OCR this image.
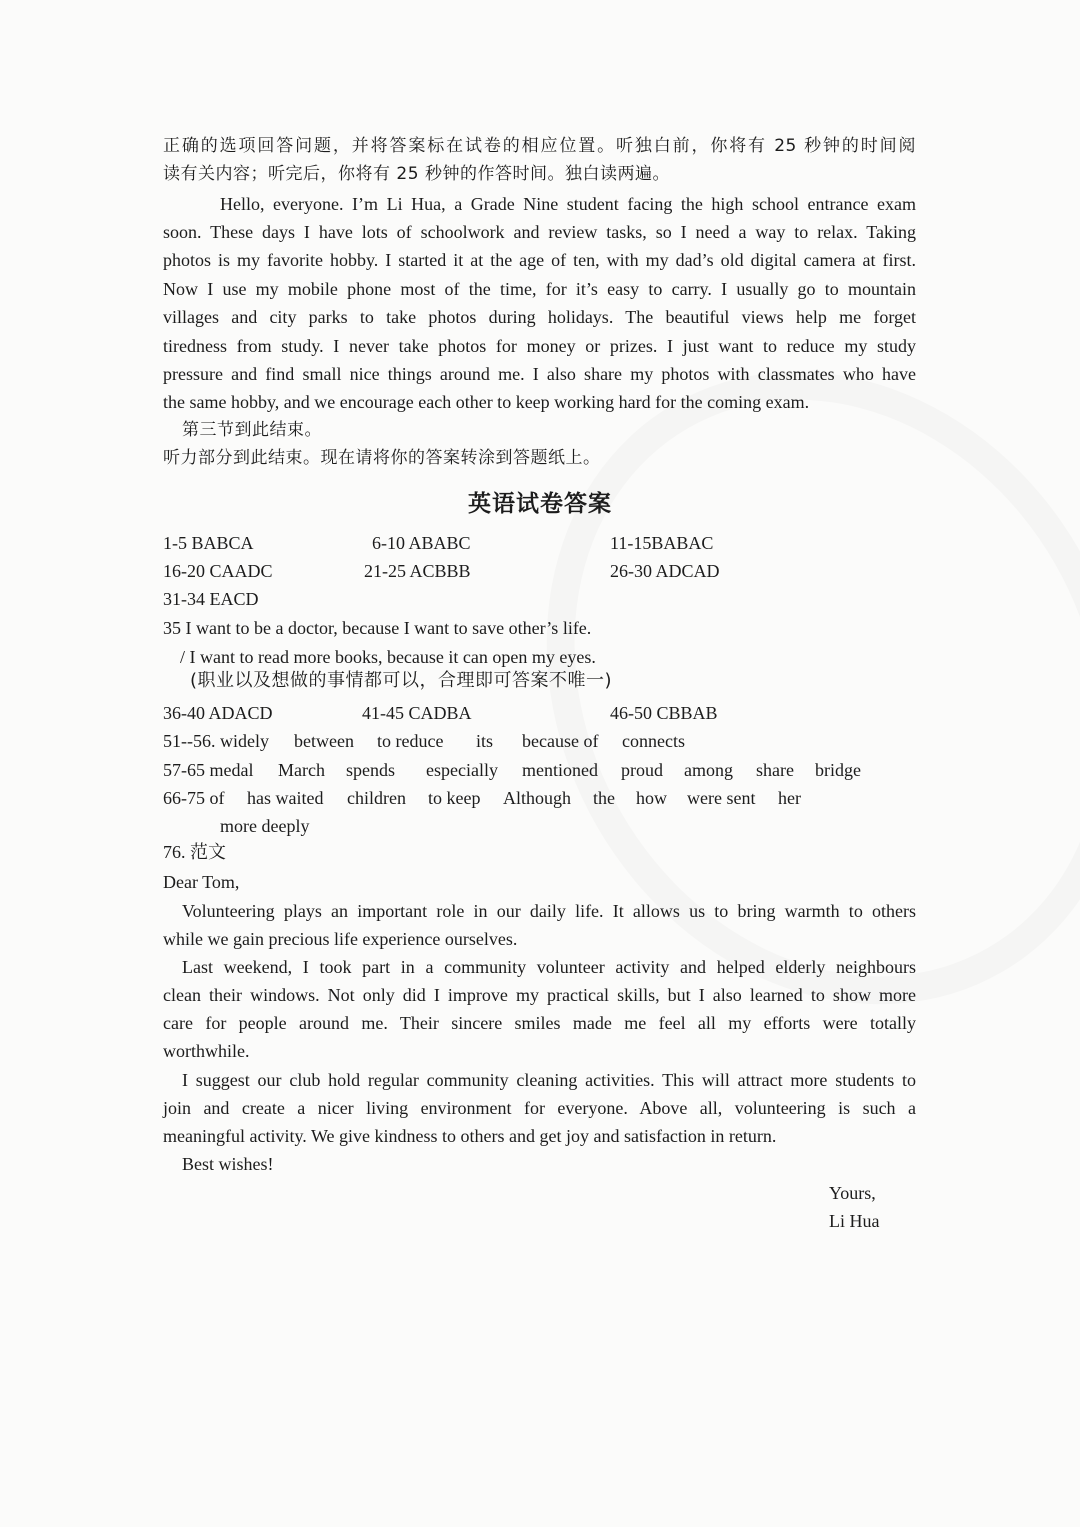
正确的选项回答问题，并将答案标在试卷的相应位置。听独白前，你将有 25 秒钟的时间阅
读有关内容；听完后，你将有 25 秒钟的作答时间。独白读两遍。
Hello, everyone. I’m Li Hua, a Grade Nine student facing the high school entrance exam
soon. These days I have lots of schoolwork and review tasks, so I need a way to relax. Taking
photos is my favorite hobby. I started it at the age of ten, with my dad’s old digital camera at first.
Now I use my mobile phone most of the time, for it’s easy to carry. I usually go to mountain
villages and city parks to take photos during holidays. The beautiful views help me forget
tiredness from study. I never take photos for money or prizes. I just want to reduce my study
pressure and find small nice things around me. I also share my photos with classmates who have
the same hobby, and we encourage each other to keep working hard for the coming exam.
第三节到此结束。
听力部分到此结束。现在请将你的答案转涂到答题纸上。
英语试卷答案
1-5 BABCA	6-10 ABABC	11-15BABAC
16-20 CAADC	21-25 ACBBB	26-30 ADCAD
31-34 EACD
35 I want to be a doctor, because I want to save other’s life.
/ I want to read more books, because it can open my eyes.
(职业以及想做的事情都可以，合理即可答案不唯一)
36-40 ADACD	41-45 CADBA	46-50 CBBAB
51--56. widely between to reduce its because of connects
57-65 medal March spends especially mentioned proud among share bridge
66-75 of has waited children to keep Although the how were sent her
more deeply
76. 范文
Dear Tom,
Volunteering plays an important role in our daily life. It allows us to bring warmth to others
while we gain precious life experience ourselves.
Last weekend, I took part in a community volunteer activity and helped elderly neighbours
clean their windows. Not only did I improve my practical skills, but I also learned to show more
care for people around me. Their sincere smiles made me feel all my efforts were totally
worthwhile.
I suggest our club hold regular community cleaning activities. This will attract more students to
join and create a nicer living environment for everyone. Above all, volunteering is such a
meaningful activity. We give kindness to others and get joy and satisfaction in return.
Best wishes!
Yours,
Li Hua
